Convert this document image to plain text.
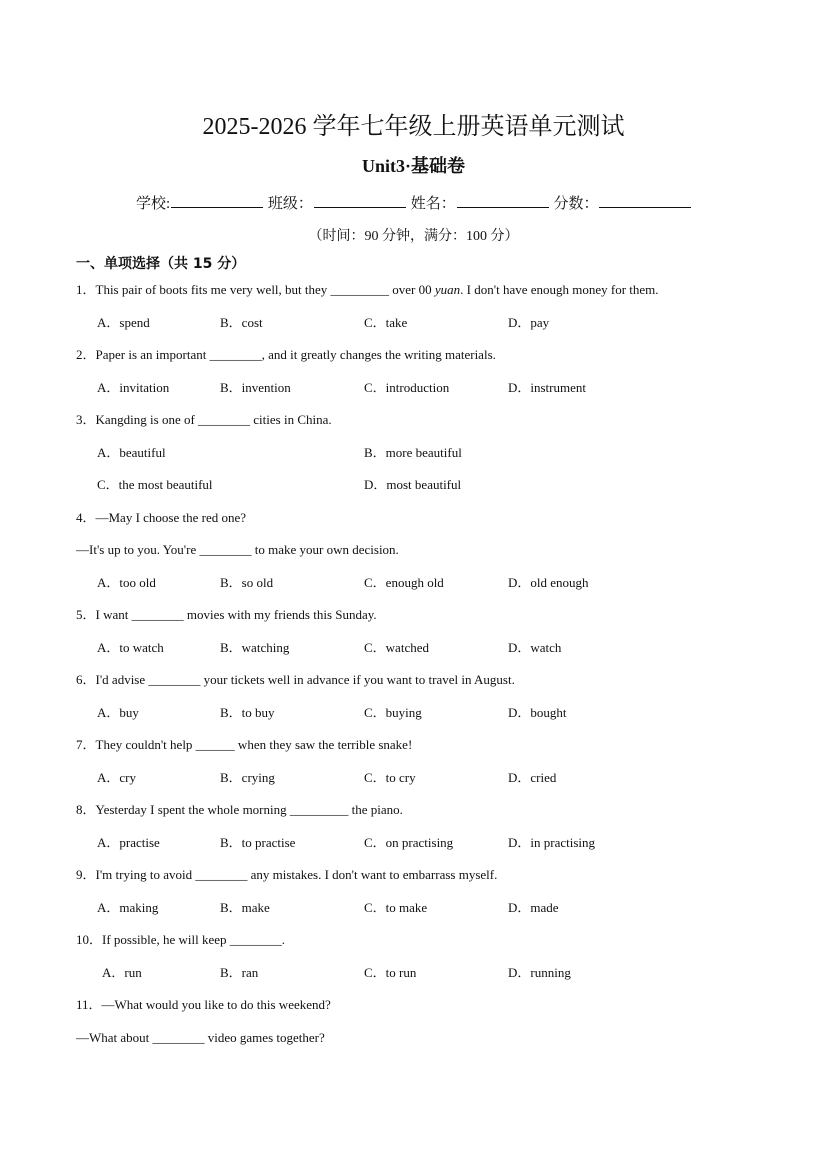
2025-2026 学年七年级上册英语单元测试
Unit3·基础卷
学校:	班级：	姓名：	分数：
（时间：90 分钟，满分：100 分）
一、单项选择（共 15 分）
1．This pair of boots fits me very well, but they _________ over 00 yuan. I don't have enough money for them.
A．spend	B．cost	C．take	D．pay
2．Paper is an important ________, and it greatly changes the writing materials.
A．invitation	B．invention	C．introduction	D．instrument
3．Kangding is one of ________ cities in China.
A．beautiful	B．more beautiful
C．the most beautiful	D．most beautiful
4．—May I choose the red one?
—It's up to you. You're ________ to make your own decision.
A．too old	B．so old	C．enough old	D．old enough
5．I want ________ movies with my friends this Sunday.
A．to watch	B．watching	C．watched	D．watch
6．I'd advise ________ your tickets well in advance if you want to travel in August.
A．buy	B．to buy	C．buying	D．bought
7．They couldn't help ______ when they saw the terrible snake!
A．cry	B．crying	C．to cry	D．cried
8．Yesterday I spent the whole morning _________ the piano.
A．practise	B．to practise	C．on practising	D．in practising
9．I'm trying to avoid ________ any mistakes. I don't want to embarrass myself.
A．making	B．make	C．to make	D．made
10．If possible, he will keep ________.
A．run	B．ran	C．to run	D．running
11．—What would you like to do this weekend?
—What about ________ video games together?
